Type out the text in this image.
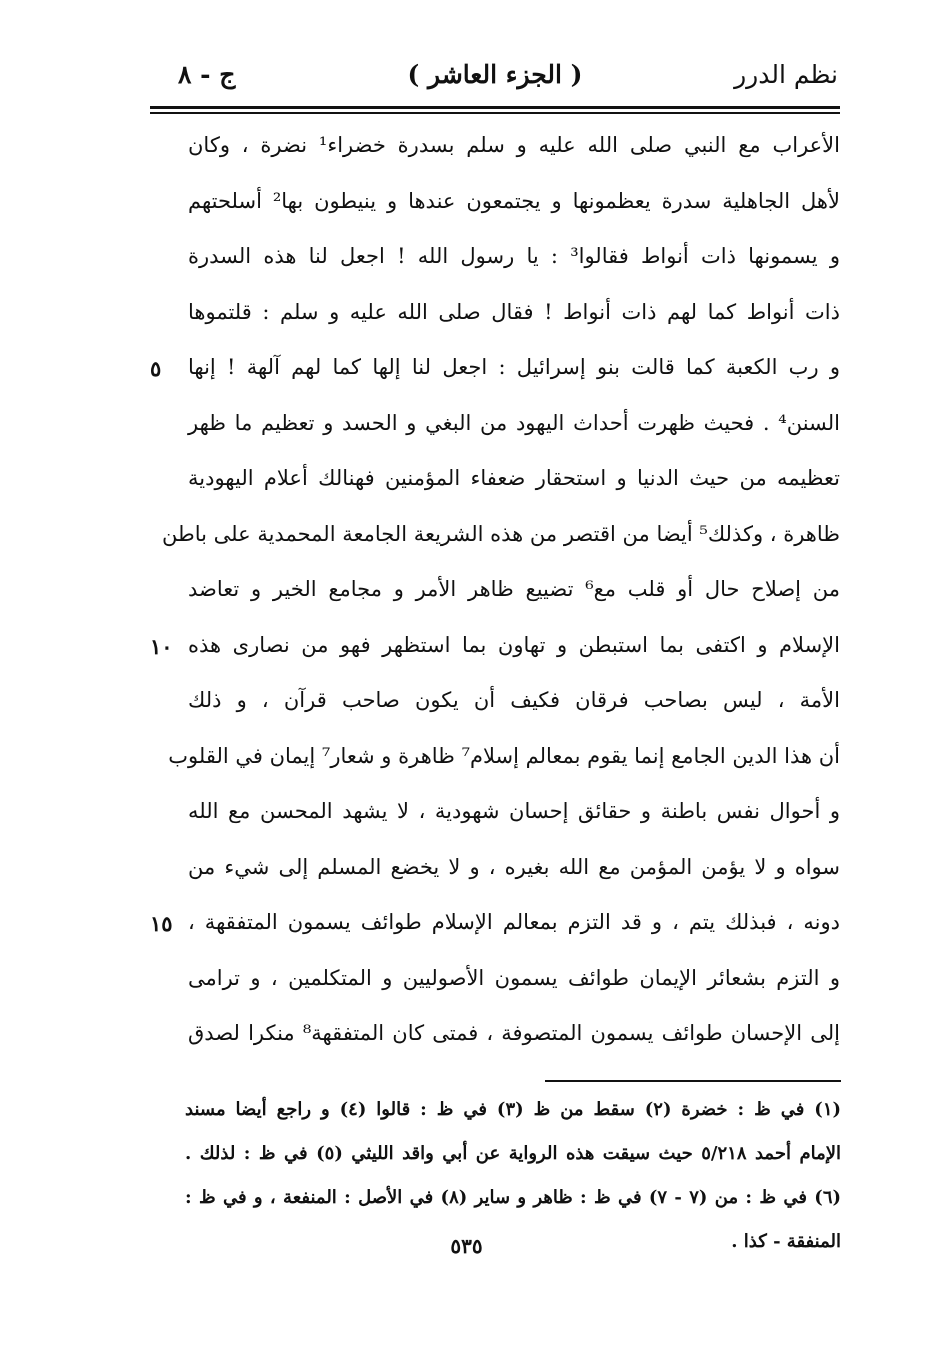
نظم الدرر
( الجزء العاشر )
ج - ٨
الأعراب مع النبي صلى الله عليه و سلم بسدرة خضراء¹ نضرة ، وكان
لأهل الجاهلية سدرة يعظمونها و يجتمعون عندها و ينيطون بها² أسلحتهم
و يسمونها ذات أنواط فقالوا³ : يا رسول الله ! اجعل لنا هذه السدرة
ذات أنواط كما لهم ذات أنواط ! فقال صلى الله عليه و سلم : قلتموها
و رب الكعبة كما قالت بنو إسرائيل : اجعل لنا إلها كما لهم آلهة ! إنها
السنن⁴ . فحيث ظهرت أحداث اليهود من البغي و الحسد و تعظيم ما ظهر
تعظيمه من حيث الدنيا و استحقار ضعفاء المؤمنين فهنالك أعلام اليهودية
ظاهرة ، وكذلك⁵ أيضا من اقتصر من هذه الشريعة الجامعة المحمدية على باطن
من إصلاح حال أو قلب مع⁶ تضييع ظاهر الأمر و مجامع الخير و تعاضد
الإسلام و اكتفى بما استبطن و تهاون بما استظهر فهو من نصارى هذه
الأمة ، ليس بصاحب فرقان فكيف أن يكون صاحب قرآن ، و ذلك
أن هذا الدين الجامع إنما يقوم بمعالم إسلام⁷ ظاهرة و شعار⁷ إيمان في القلوب
و أحوال نفس باطنة و حقائق إحسان شهودية ، لا يشهد المحسن مع الله
سواه و لا يؤمن المؤمن مع الله بغيره ، و لا يخضع المسلم إلى شيء من
دونه ، فبذلك يتم ، و قد التزم بمعالم الإسلام طوائف يسمون المتفقهة ،
و التزم بشعائر الإيمان طوائف يسمون الأصوليين و المتكلمين ، و ترامى
إلى الإحسان طوائف يسمون المتصوفة ، فمتى كان المتفقهة⁸ منكرا لصدق
٥
١٠
١٥
(١) في ظ : خضرة (٢) سقط من ظ (٣) في ظ : قالوا (٤) و راجع أيضا مسند
الإمام أحمد ٥/٢١٨ حيث سيقت هذه الرواية عن أبي واقد الليثي (٥) في ظ : لذلك .
(٦) في ظ : من (٧ - ٧) في ظ : ظاهر و ساير (٨) في الأصل : المنفعة ، و في ظ :
المنفقة - كذا .
٥٣٥
